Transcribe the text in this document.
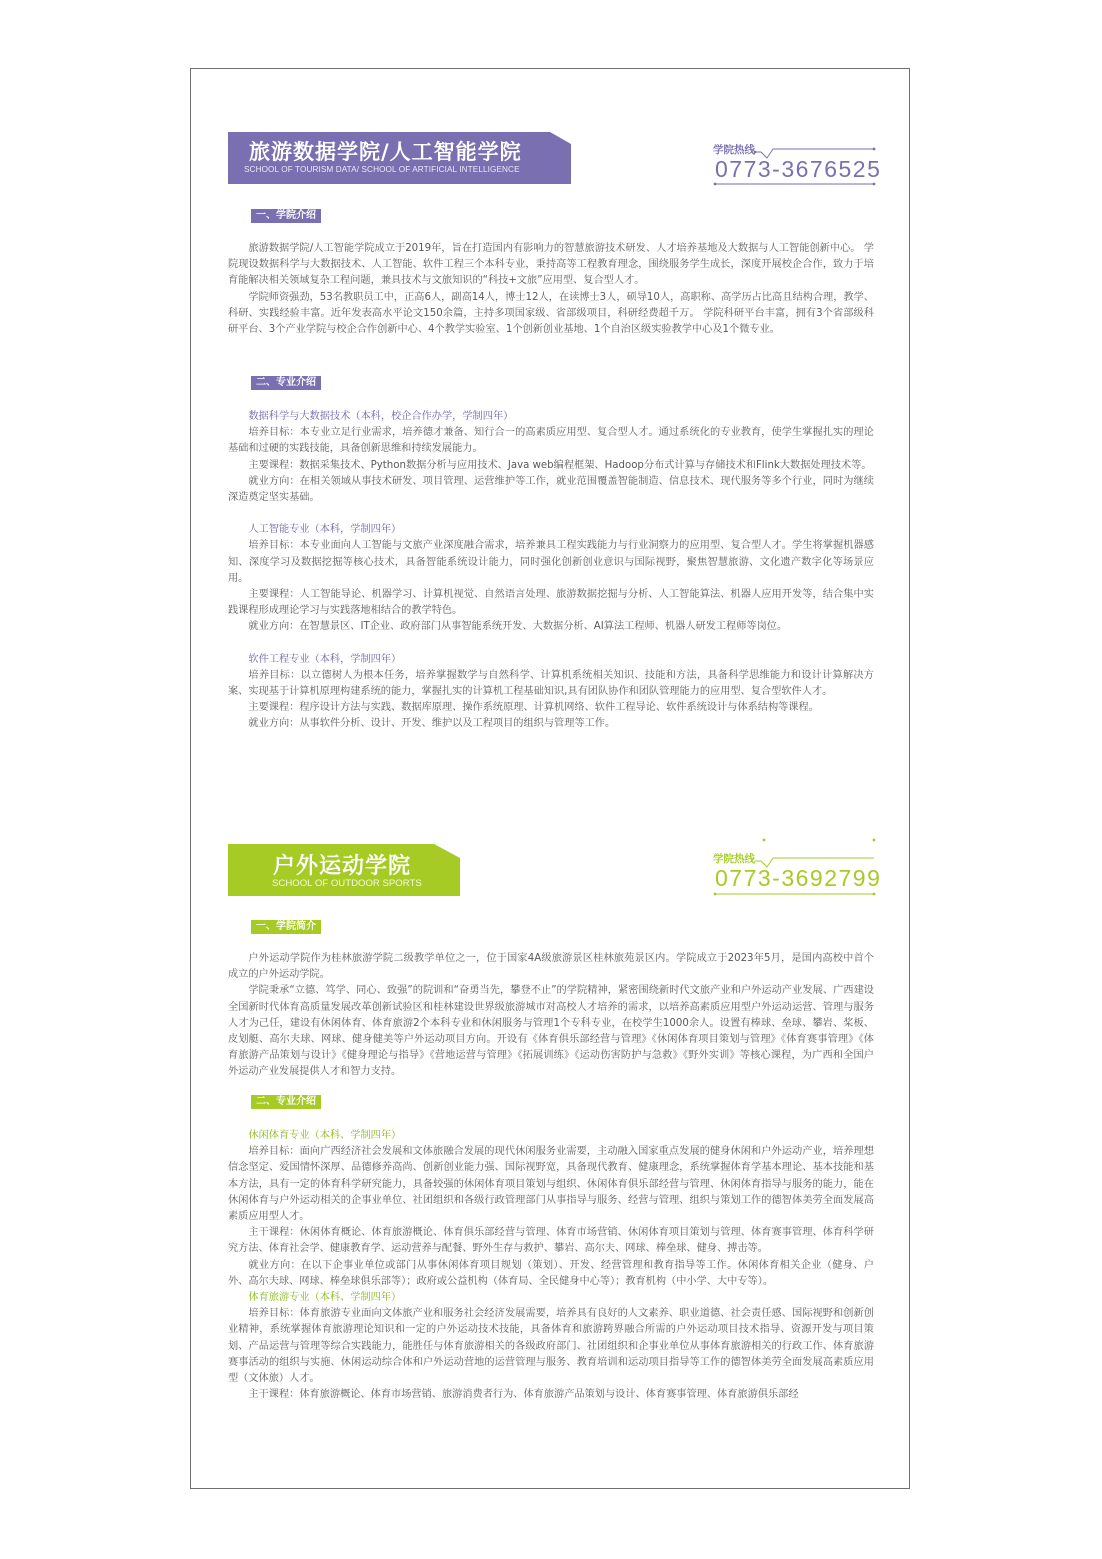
旅游数据学院/人工智能学院
SCHOOL OF TOURISM DATA/ SCHOOL OF ARTIFICIAL INTELLIGENCE
学院热线
0773-3676525
一、学院介绍

旅游数据学院/人工智能学院成立于2019年，旨在打造国内有影响力的智慧旅游技术研发、人才培养基地及大数据与人工智能创新中心。 学院现设数据科学与大数据技术、人工智能、软件工程三个本科专业，秉持高等工程教育理念，围绕服务学生成长，深度开展校企合作，致力于培育能解决相关领域复杂工程问题，兼具技术与文旅知识的“科技+文旅”应用型、复合型人才。

学院师资强劲，53名教职员工中，正高6人，副高14人，博士12人，在读博士3人，硕导10人，高职称、高学历占比高且结构合理，教学、科研、实践经验丰富。近年发表高水平论文150余篇，主持多项国家级、省部级项目，科研经费超千万。 学院科研平台丰富，拥有3个省部级科研平台、3个产业学院与校企合作创新中心、4个教学实验室、1个创新创业基地、1个自治区级实验教学中心及1个微专业。

二、专业介绍

数据科学与大数据技术（本科，校企合作办学，学制四年）

培养目标：本专业立足行业需求，培养德才兼备、知行合一的高素质应用型、复合型人才。通过系统化的专业教育，使学生掌握扎实的理论基础和过硬的实践技能，具备创新思维和持续发展能力。

主要课程：数据采集技术、Python数据分析与应用技术、Java web编程框架、Hadoop分布式计算与存储技术和Flink大数据处理技术等。

就业方向：在相关领域从事技术研发、项目管理、运营维护等工作，就业范围覆盖智能制造、信息技术、现代服务等多个行业，同时为继续深造奠定坚实基础。

人工智能专业（本科，学制四年）

培养目标：本专业面向人工智能与文旅产业深度融合需求，培养兼具工程实践能力与行业洞察力的应用型、复合型人才。学生将掌握机器感知、深度学习及数据挖掘等核心技术，具备智能系统设计能力，同时强化创新创业意识与国际视野，聚焦智慧旅游、文化遗产数字化等场景应用。

主要课程：人工智能导论、机器学习、计算机视觉、自然语言处理、旅游数据挖掘与分析、人工智能算法、机器人应用开发等，结合集中实践课程形成理论学习与实践落地相结合的教学特色。

就业方向：在智慧景区、IT企业、政府部门从事智能系统开发、大数据分析、AI算法工程师、机器人研发工程师等岗位。

软件工程专业（本科，学制四年）

培养目标：以立德树人为根本任务，培养掌握数学与自然科学、计算机系统相关知识、技能和方法，具备科学思维能力和设计计算解决方案、实现基于计算机原理构建系统的能力，掌握扎实的计算机工程基础知识,具有团队协作和团队管理能力的应用型、复合型软件人才。

主要课程：程序设计方法与实践、数据库原理、操作系统原理、计算机网络、软件工程导论、软件系统设计与体系结构等课程。

就业方向：从事软件分析、设计、开发、维护以及工程项目的组织与管理等工作。

户外运动学院
SCHOOL OF OUTDOOR SPORTS
学院热线
0773-3692799
一、学院简介

户外运动学院作为桂林旅游学院二级教学单位之一，位于国家4A级旅游景区桂林旅苑景区内。学院成立于2023年5月，是国内高校中首个成立的户外运动学院。

学院秉承“立德、笃学、同心、致强”的院训和“奋勇当先，攀登不止”的学院精神，紧密围绕新时代文旅产业和户外运动产业发展、广西建设全国新时代体育高质量发展改革创新试验区和桂林建设世界级旅游城市对高校人才培养的需求，以培养高素质应用型户外运动运营、管理与服务人才为己任，建设有休闲体育、体育旅游2个本科专业和休闲服务与管理1个专科专业，在校学生1000余人。设置有棒球、垒球、攀岩、桨板、皮划艇、高尔夫球、网球、健身健美等户外运动项目方向。开设有《体育俱乐部经营与管理》《休闲体育项目策划与管理》《体育赛事管理》《体育旅游产品策划与设计》《健身理论与指导》《营地运营与管理》《拓展训练》《运动伤害防护与急救》《野外实训》等核心课程，为广西和全国户外运动产业发展提供人才和智力支持。

二、专业介绍

休闲体育专业（本科、学制四年）

培养目标：面向广西经济社会发展和文体旅融合发展的现代休闲服务业需要，主动融入国家重点发展的健身休闲和户外运动产业，培养理想信念坚定、爱国情怀深厚、品德修养高尚、创新创业能力强、国际视野宽，具备现代教育、健康理念，系统掌握体育学基本理论、基本技能和基本方法，具有一定的体育科学研究能力，具备较强的休闲体育项目策划与组织、休闲体育俱乐部经营与管理、休闲体育指导与服务的能力，能在休闲体育与户外运动相关的企事业单位、社团组织和各级行政管理部门从事指导与服务、经营与管理、组织与策划工作的德智体美劳全面发展高素质应用型人才。

主干课程：休闲体育概论、体育旅游概论、体育俱乐部经营与管理、体育市场营销、休闲体育项目策划与管理、体育赛事管理、体育科学研究方法、体育社会学、健康教育学、运动营养与配餐、野外生存与救护、攀岩、高尔夫、网球、棒垒球、健身、搏击等。

就业方向：在以下企事业单位或部门从事休闲体育项目规划（策划）、开发、经营管理和教育指导等工作。休闲体育相关企业（健身、户外、高尔夫球、网球、棒垒球俱乐部等）；政府或公益机构（体育局、全民健身中心等）；教育机构（中小学、大中专等）。

体育旅游专业（本科、学制四年）

培养目标：体育旅游专业面向文体旅产业和服务社会经济发展需要，培养具有良好的人文素养、职业道德、社会责任感、国际视野和创新创业精神，系统掌握体育旅游理论知识和一定的户外运动技术技能，具备体育和旅游跨界融合所需的户外运动项目技术指导、资源开发与项目策划、产品运营与管理等综合实践能力，能胜任与体育旅游相关的各级政府部门、社团组织和企事业单位从事体育旅游相关的行政工作、体育旅游赛事活动的组织与实施、休闲运动综合体和户外运动营地的运营管理与服务、教育培训和运动项目指导等工作的德智体美劳全面发展高素质应用型（文体旅）人才。

主干课程：体育旅游概论、体育市场营销、旅游消费者行为、体育旅游产品策划与设计、体育赛事管理、体育旅游俱乐部经
